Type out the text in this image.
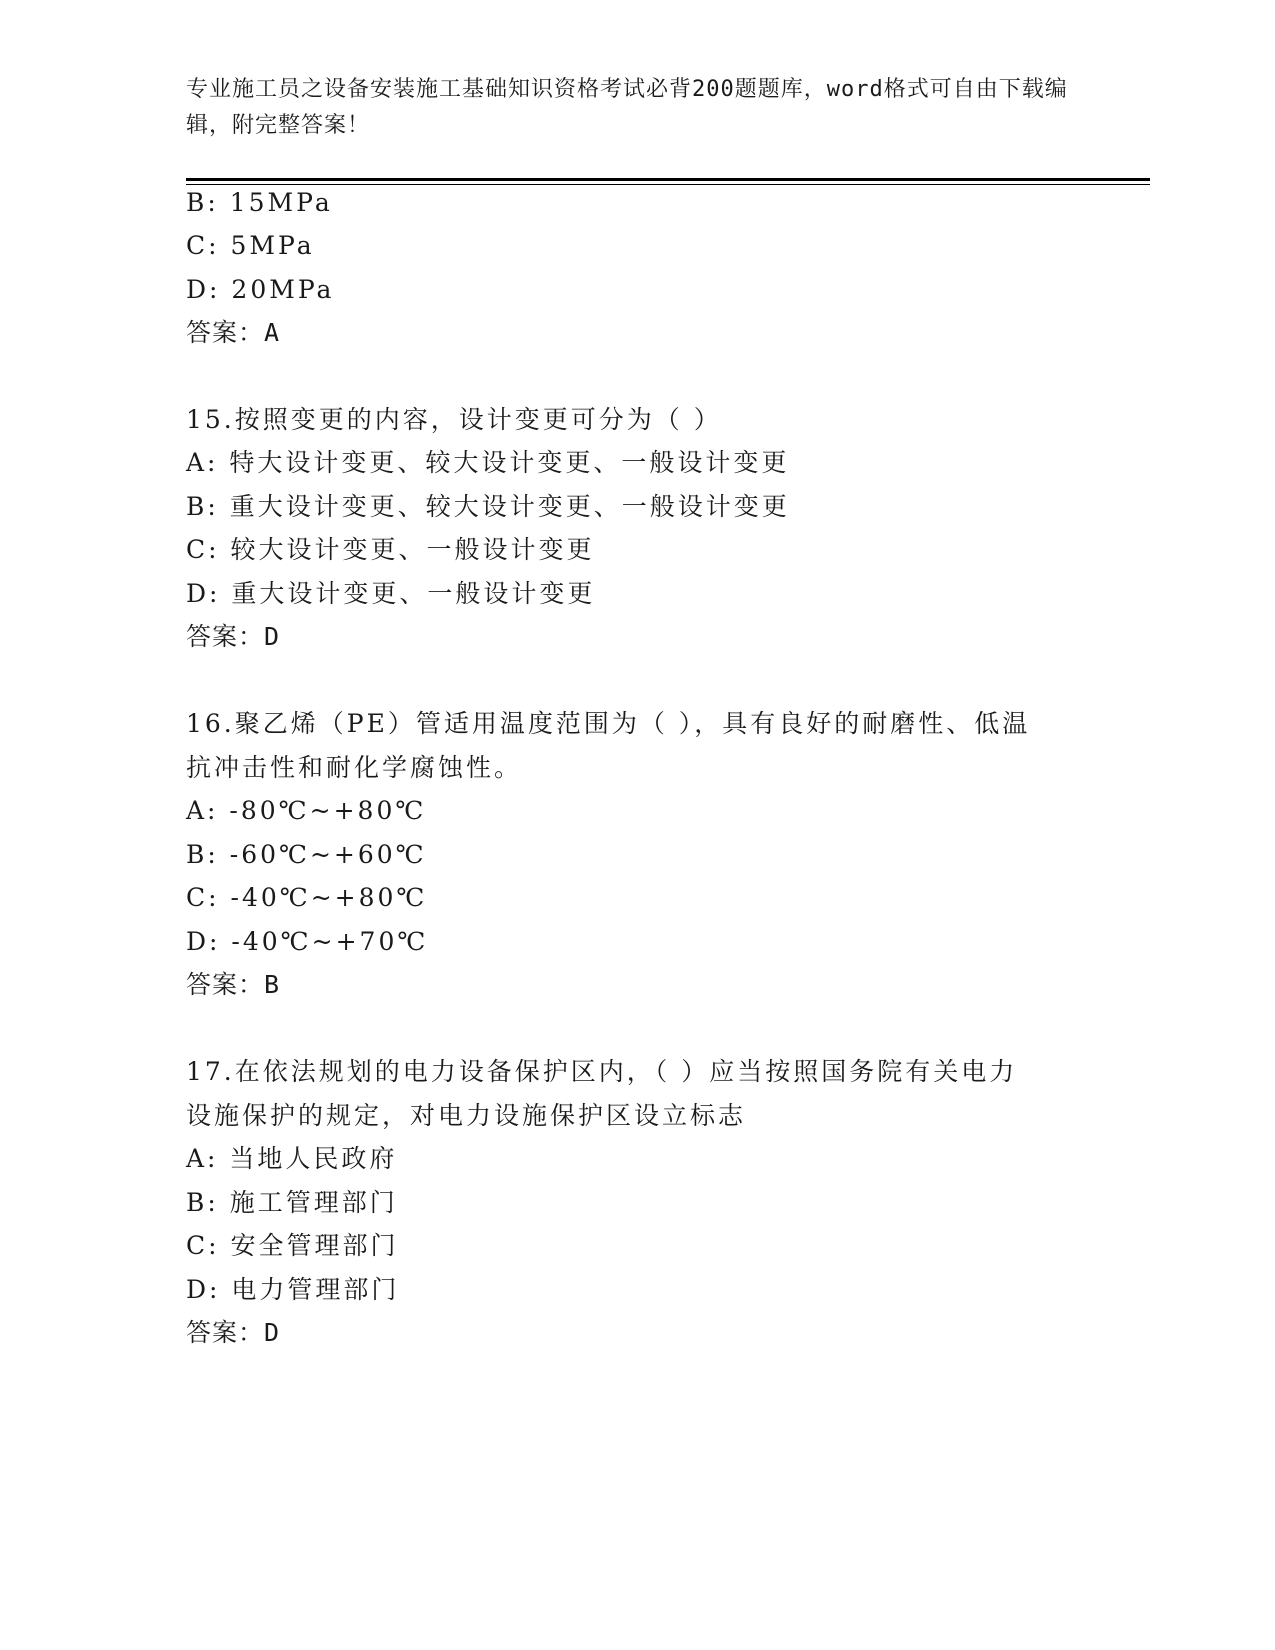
专业施工员之设备安装施工基础知识资格考试必背200题题库，word格式可自由下载编辑，附完整答案！
B: 15MPa
C: 5MPa
D: 20MPa
答案：A
15.按照变更的内容，设计变更可分为（ ）
A: 特大设计变更、较大设计变更、一般设计变更
B: 重大设计变更、较大设计变更、一般设计变更
C: 较大设计变更、一般设计变更
D: 重大设计变更、一般设计变更
答案：D
16.聚乙烯（PE）管适用温度范围为（ ），具有良好的耐磨性、低温
抗冲击性和耐化学腐蚀性。
A: -80℃~+80℃
B: -60℃~+60℃
C: -40℃~+80℃
D: -40℃~+70℃
答案：B
17.在依法规划的电力设备保护区内，（ ）应当按照国务院有关电力
设施保护的规定，对电力设施保护区设立标志
A: 当地人民政府
B: 施工管理部门
C: 安全管理部门
D: 电力管理部门
答案：D
